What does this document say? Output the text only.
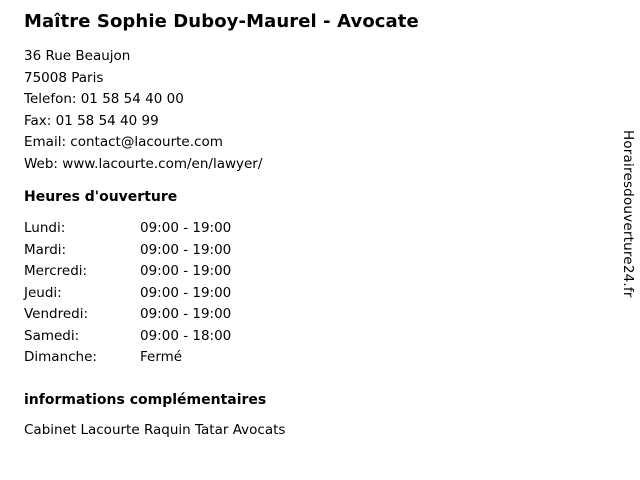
Maître Sophie Duboy-Maurel - Avocate
36 Rue Beaujon
75008 Paris
Telefon: 01 58 54 40 00
Fax: 01 58 54 40 99
Email: contact@lacourte.com
Web: www.lacourte.com/en/lawyer/
Heures d'ouverture
Lundi:	09:00 - 19:00
Mardi:	09:00 - 19:00
Mercredi:	09:00 - 19:00
Jeudi:	09:00 - 19:00
Vendredi:	09:00 - 19:00
Samedi:	09:00 - 18:00
Dimanche:	Fermé
informations complémentaires
Cabinet Lacourte Raquin Tatar Avocats
Horairesdouverture24.fr
